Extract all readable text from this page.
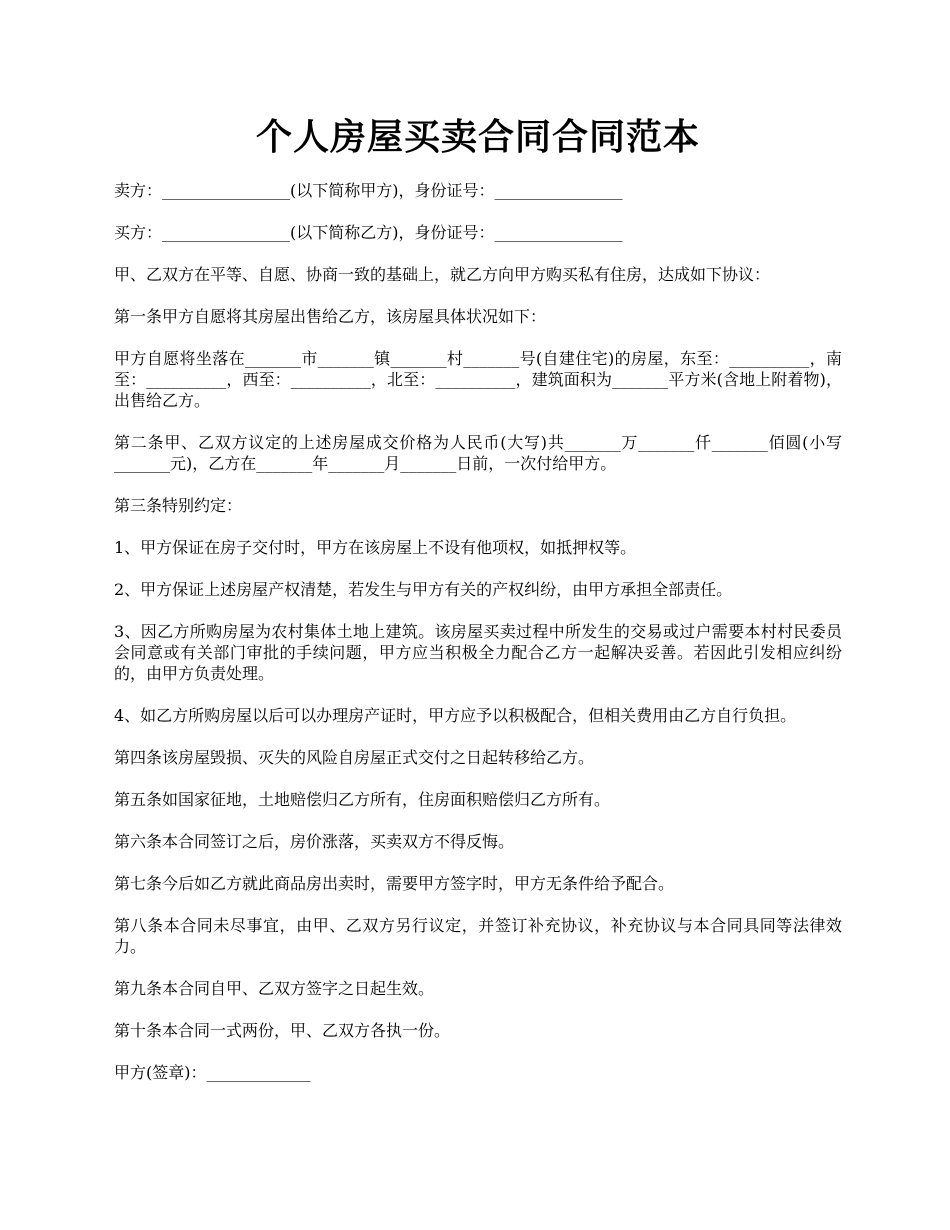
个人房屋买卖合同合同范本

卖方：________________(以下简称甲方)，身份证号：________________

买方：________________(以下简称乙方)，身份证号：________________

甲、乙双方在平等、自愿、协商一致的基础上，就乙方向甲方购买私有住房，达成如下协议：

第一条甲方自愿将其房屋出售给乙方，该房屋具体状况如下：

甲方自愿将坐落在_______市_______镇_______村_______号(自建住宅)的房屋，东至：__________，南至：__________，西至：__________，北至：__________，建筑面积为_______平方米(含地上附着物)，出售给乙方。

第二条甲、乙双方议定的上述房屋成交价格为人民币(大写)共_______万_______仟_______佰圆(小写_______元)，乙方在_______年_______月_______日前，一次付给甲方。

第三条特别约定：

1、甲方保证在房子交付时，甲方在该房屋上不设有他项权，如抵押权等。

2、甲方保证上述房屋产权清楚，若发生与甲方有关的产权纠纷，由甲方承担全部责任。

3、因乙方所购房屋为农村集体土地上建筑。该房屋买卖过程中所发生的交易或过户需要本村村民委员会同意或有关部门审批的手续问题，甲方应当积极全力配合乙方一起解决妥善。若因此引发相应纠纷的，由甲方负责处理。

4、如乙方所购房屋以后可以办理房产证时，甲方应予以积极配合，但相关费用由乙方自行负担。

第四条该房屋毁损、灭失的风险自房屋正式交付之日起转移给乙方。

第五条如国家征地，土地赔偿归乙方所有，住房面积赔偿归乙方所有。

第六条本合同签订之后，房价涨落，买卖双方不得反悔。

第七条今后如乙方就此商品房出卖时，需要甲方签字时，甲方无条件给予配合。

第八条本合同未尽事宜，由甲、乙双方另行议定，并签订补充协议，补充协议与本合同具同等法律效力。

第九条本合同自甲、乙双方签字之日起生效。

第十条本合同一式两份，甲、乙双方各执一份。

甲方(签章)：_____________
